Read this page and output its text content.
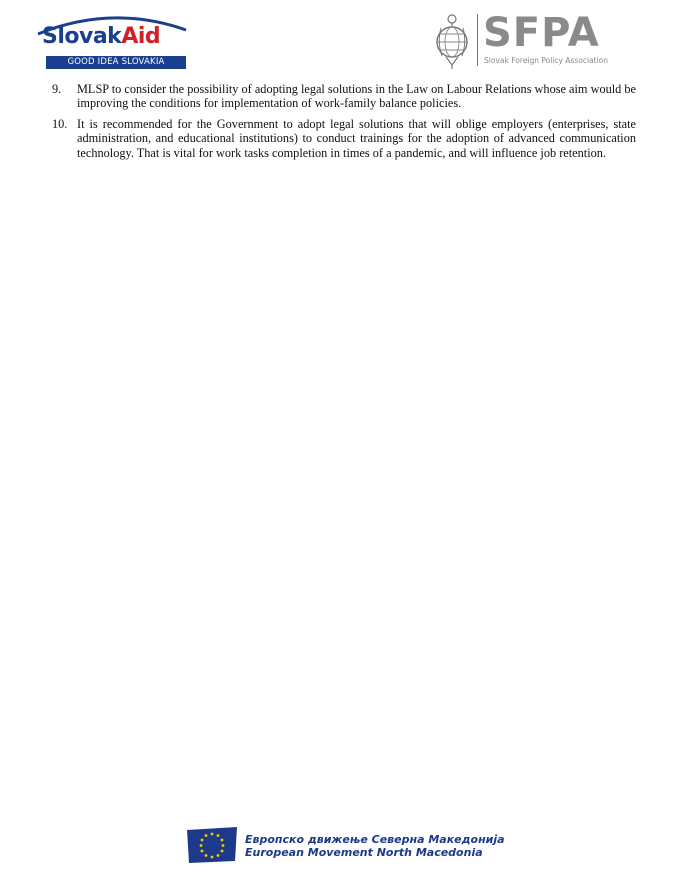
SlovakAid
GOOD IDEA SLOVAKIA
SFPA
Slovak Foreign Policy Association

9. MLSP to consider the possibility of adopting legal solutions in the Law on Labour Relations whose aim would be improving the conditions for implementation of work-family balance policies.

10. It is recommended for the Government to adopt legal solutions that will oblige employers (enterprises, state administration, and educational institutions) to conduct trainings for the adoption of advanced communication technology. That is vital for work tasks completion in times of a pandemic, and will influence job retention.

Европско движење Северна Македонија
European Movement North Macedonia
